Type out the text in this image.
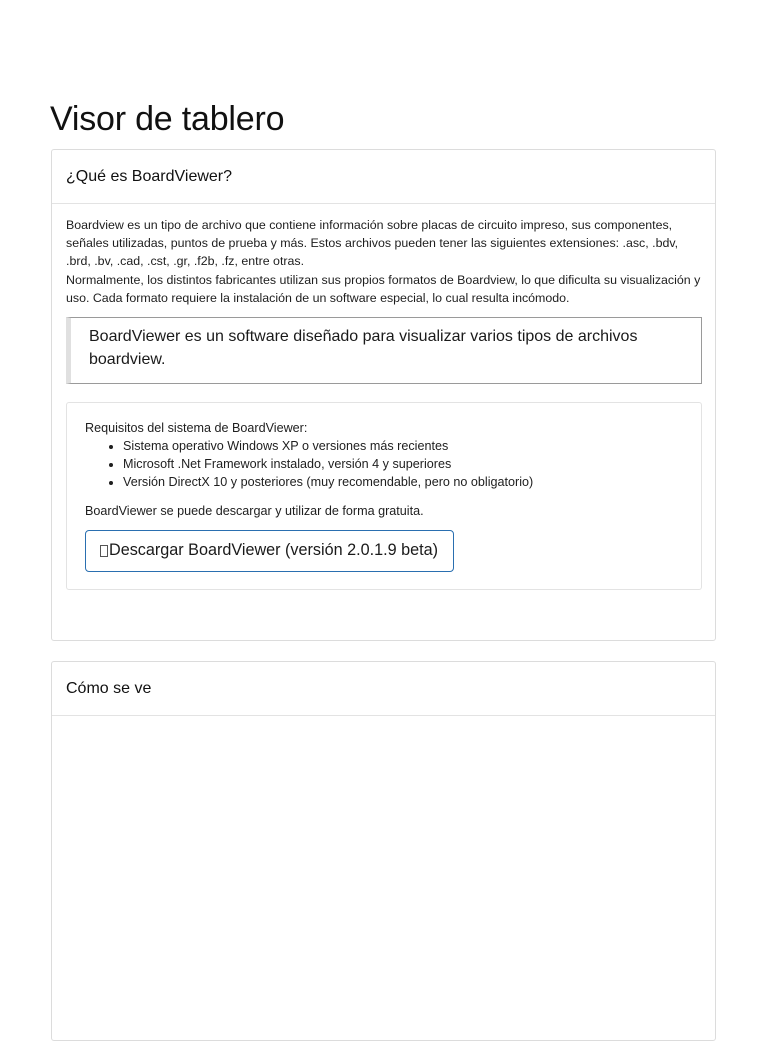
Visor de tablero
¿Qué es BoardViewer?

Boardview es un tipo de archivo que contiene información sobre placas de circuito impreso, sus componentes, señales utilizadas, puntos de prueba y más. Estos archivos pueden tener las siguientes extensiones: .asc, .bdv, .brd, .bv, .cad, .cst, .gr, .f2b, .fz, entre otras.

Normalmente, los distintos fabricantes utilizan sus propios formatos de Boardview, lo que dificulta su visualización y uso. Cada formato requiere la instalación de un software especial, lo cual resulta incómodo.

BoardViewer es un software diseñado para visualizar varios tipos de archivos boardview.
Requisitos del sistema de BoardViewer:
• Sistema operativo Windows XP o versiones más recientes
• Microsoft .Net Framework instalado, versión 4 y superiores
• Versión DirectX 10 y posteriores (muy recomendable, pero no obligatorio)
BoardViewer se puede descargar y utilizar de forma gratuita.
Descargar BoardViewer (versión 2.0.1.9 beta)
Cómo se ve
